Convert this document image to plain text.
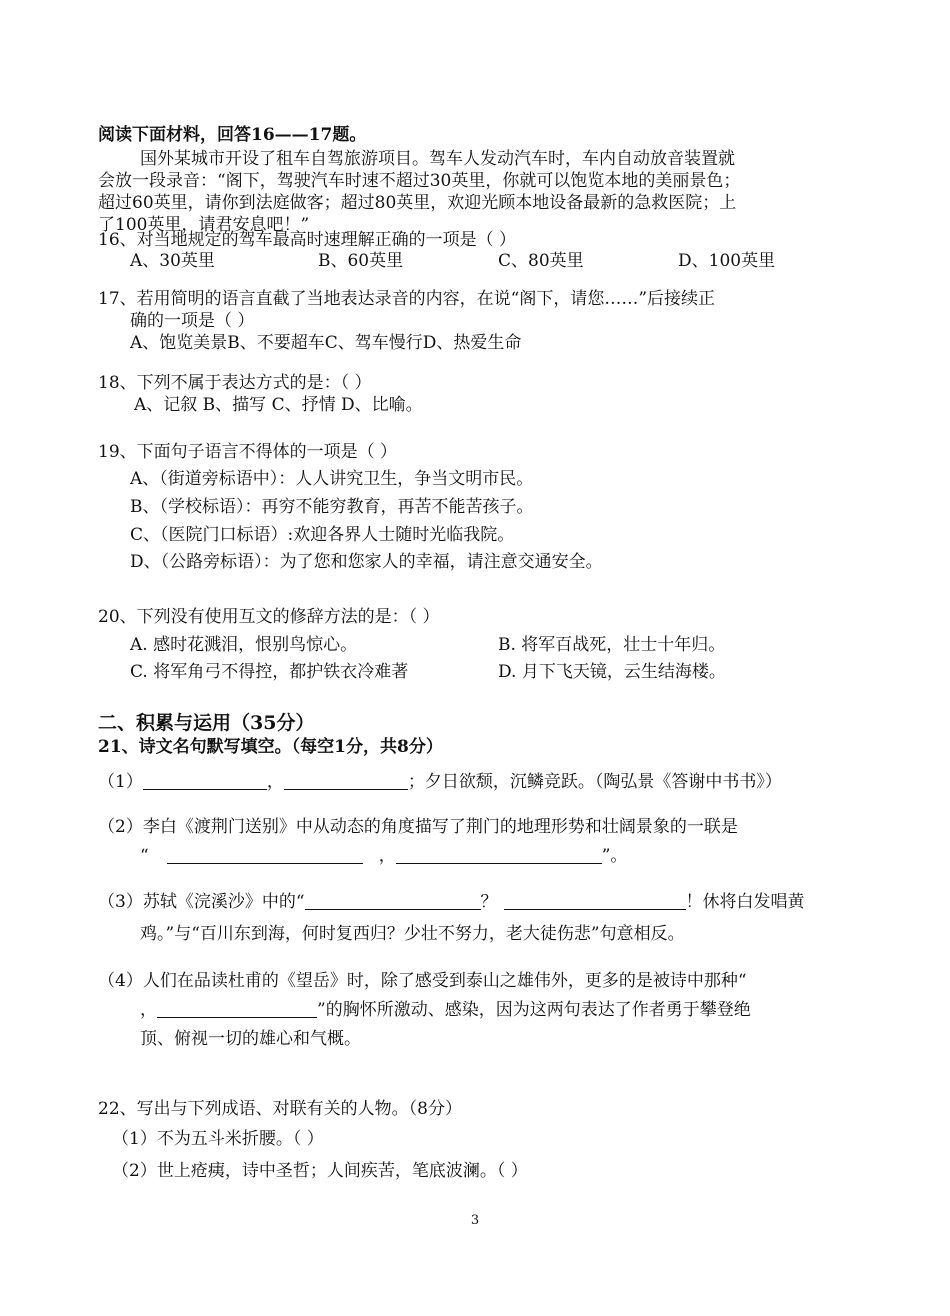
阅读下面材料，回答16——17题。
国外某城市开设了租车自驾旅游项目。驾车人发动汽车时，车内自动放音装置就
会放一段录音：“阁下，驾驶汽车时速不超过30英里，你就可以饱览本地的美丽景色；
超过60英里，请你到法庭做客；超过80英里，欢迎光顾本地设备最新的急救医院；上
了100英里，请君安息吧！”
16、对当地规定的驾车最高时速理解正确的一项是（ ）
A、30英里	B、60英里	C、80英里	D、100英里
17、若用简明的语言直截了当地表达录音的内容，在说“阁下，请您……”后接续正
确的一项是（ ）
A、饱览美景B、不要超车C、驾车慢行D、热爱生命
18、下列不属于表达方式的是：（ ）
A、记叙 B、描写 C、抒情 D、比喻。
19、下面句子语言不得体的一项是（ ）
A、（街道旁标语中）：人人讲究卫生，争当文明市民。
B、（学校标语）：再穷不能穷教育，再苦不能苦孩子。
C、（医院门口标语）:欢迎各界人士随时光临我院。
D、（公路旁标语）：为了您和您家人的幸福，请注意交通安全。
20、下列没有使用互文的修辞方法的是：（ ）
A. 感时花溅泪，恨别鸟惊心。	B. 将军百战死，壮士十年归。
C. 将军角弓不得控，都护铁衣冷难著	D. 月下飞天镜，云生结海楼。
二、积累与运用（35分）
21、诗文名句默写填空。（每空1分，共8分）
（1）	，	；夕日欲颓，沉鳞竞跃。（陶弘景《答谢中书书》）
（2）李白《渡荆门送别》中从动态的角度描写了荆门的地理形势和壮阔景象的一联是
“	，	”。
（3）苏轼《浣溪沙》中的“	？	！休将白发唱黄
鸡。”与“百川东到海，何时复西归？少壮不努力，老大徒伤悲”句意相反。
（4）人们在品读杜甫的《望岳》时，除了感受到泰山之雄伟外，更多的是被诗中那种“
，	”的胸怀所激动、感染，因为这两句表达了作者勇于攀登绝
顶、俯视一切的雄心和气概。
22、写出与下列成语、对联有关的人物。（8分）
（1）不为五斗米折腰。（ ）
（2）世上疮痍，诗中圣哲；人间疾苦，笔底波澜。（ ）
3
